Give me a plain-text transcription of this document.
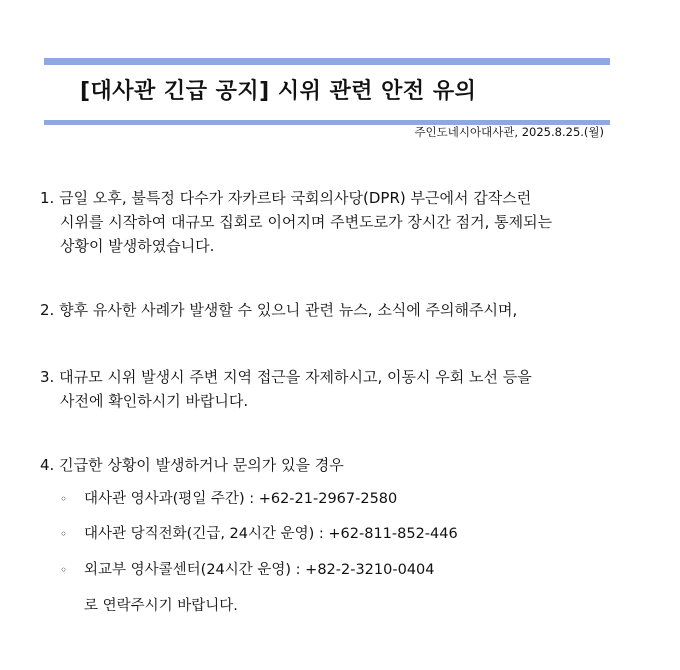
[대사관 긴급 공지] 시위 관련 안전 유의
주인도네시아대사관, 2025.8.25.(월)
1. 금일 오후, 불특정 다수가 자카르타 국회의사당(DPR) 부근에서 갑작스런
시위를 시작하여 대규모 집회로 이어지며 주변도로가 장시간 점거, 통제되는
상황이 발생하였습니다.
2. 향후 유사한 사례가 발생할 수 있으니 관련 뉴스, 소식에 주의해주시며,
3. 대규모 시위 발생시 주변 지역 접근을 자제하시고, 이동시 우회 노선 등을
사전에 확인하시기 바랍니다.
4. 긴급한 상황이 발생하거나 문의가 있을 경우
◦ 대사관 영사과(평일 주간) : +62-21-2967-2580
◦ 대사관 당직전화(긴급, 24시간 운영) : +62-811-852-446
◦ 외교부 영사콜센터(24시간 운영) : +82-2-3210-0404
로 연락주시기 바랍니다.
